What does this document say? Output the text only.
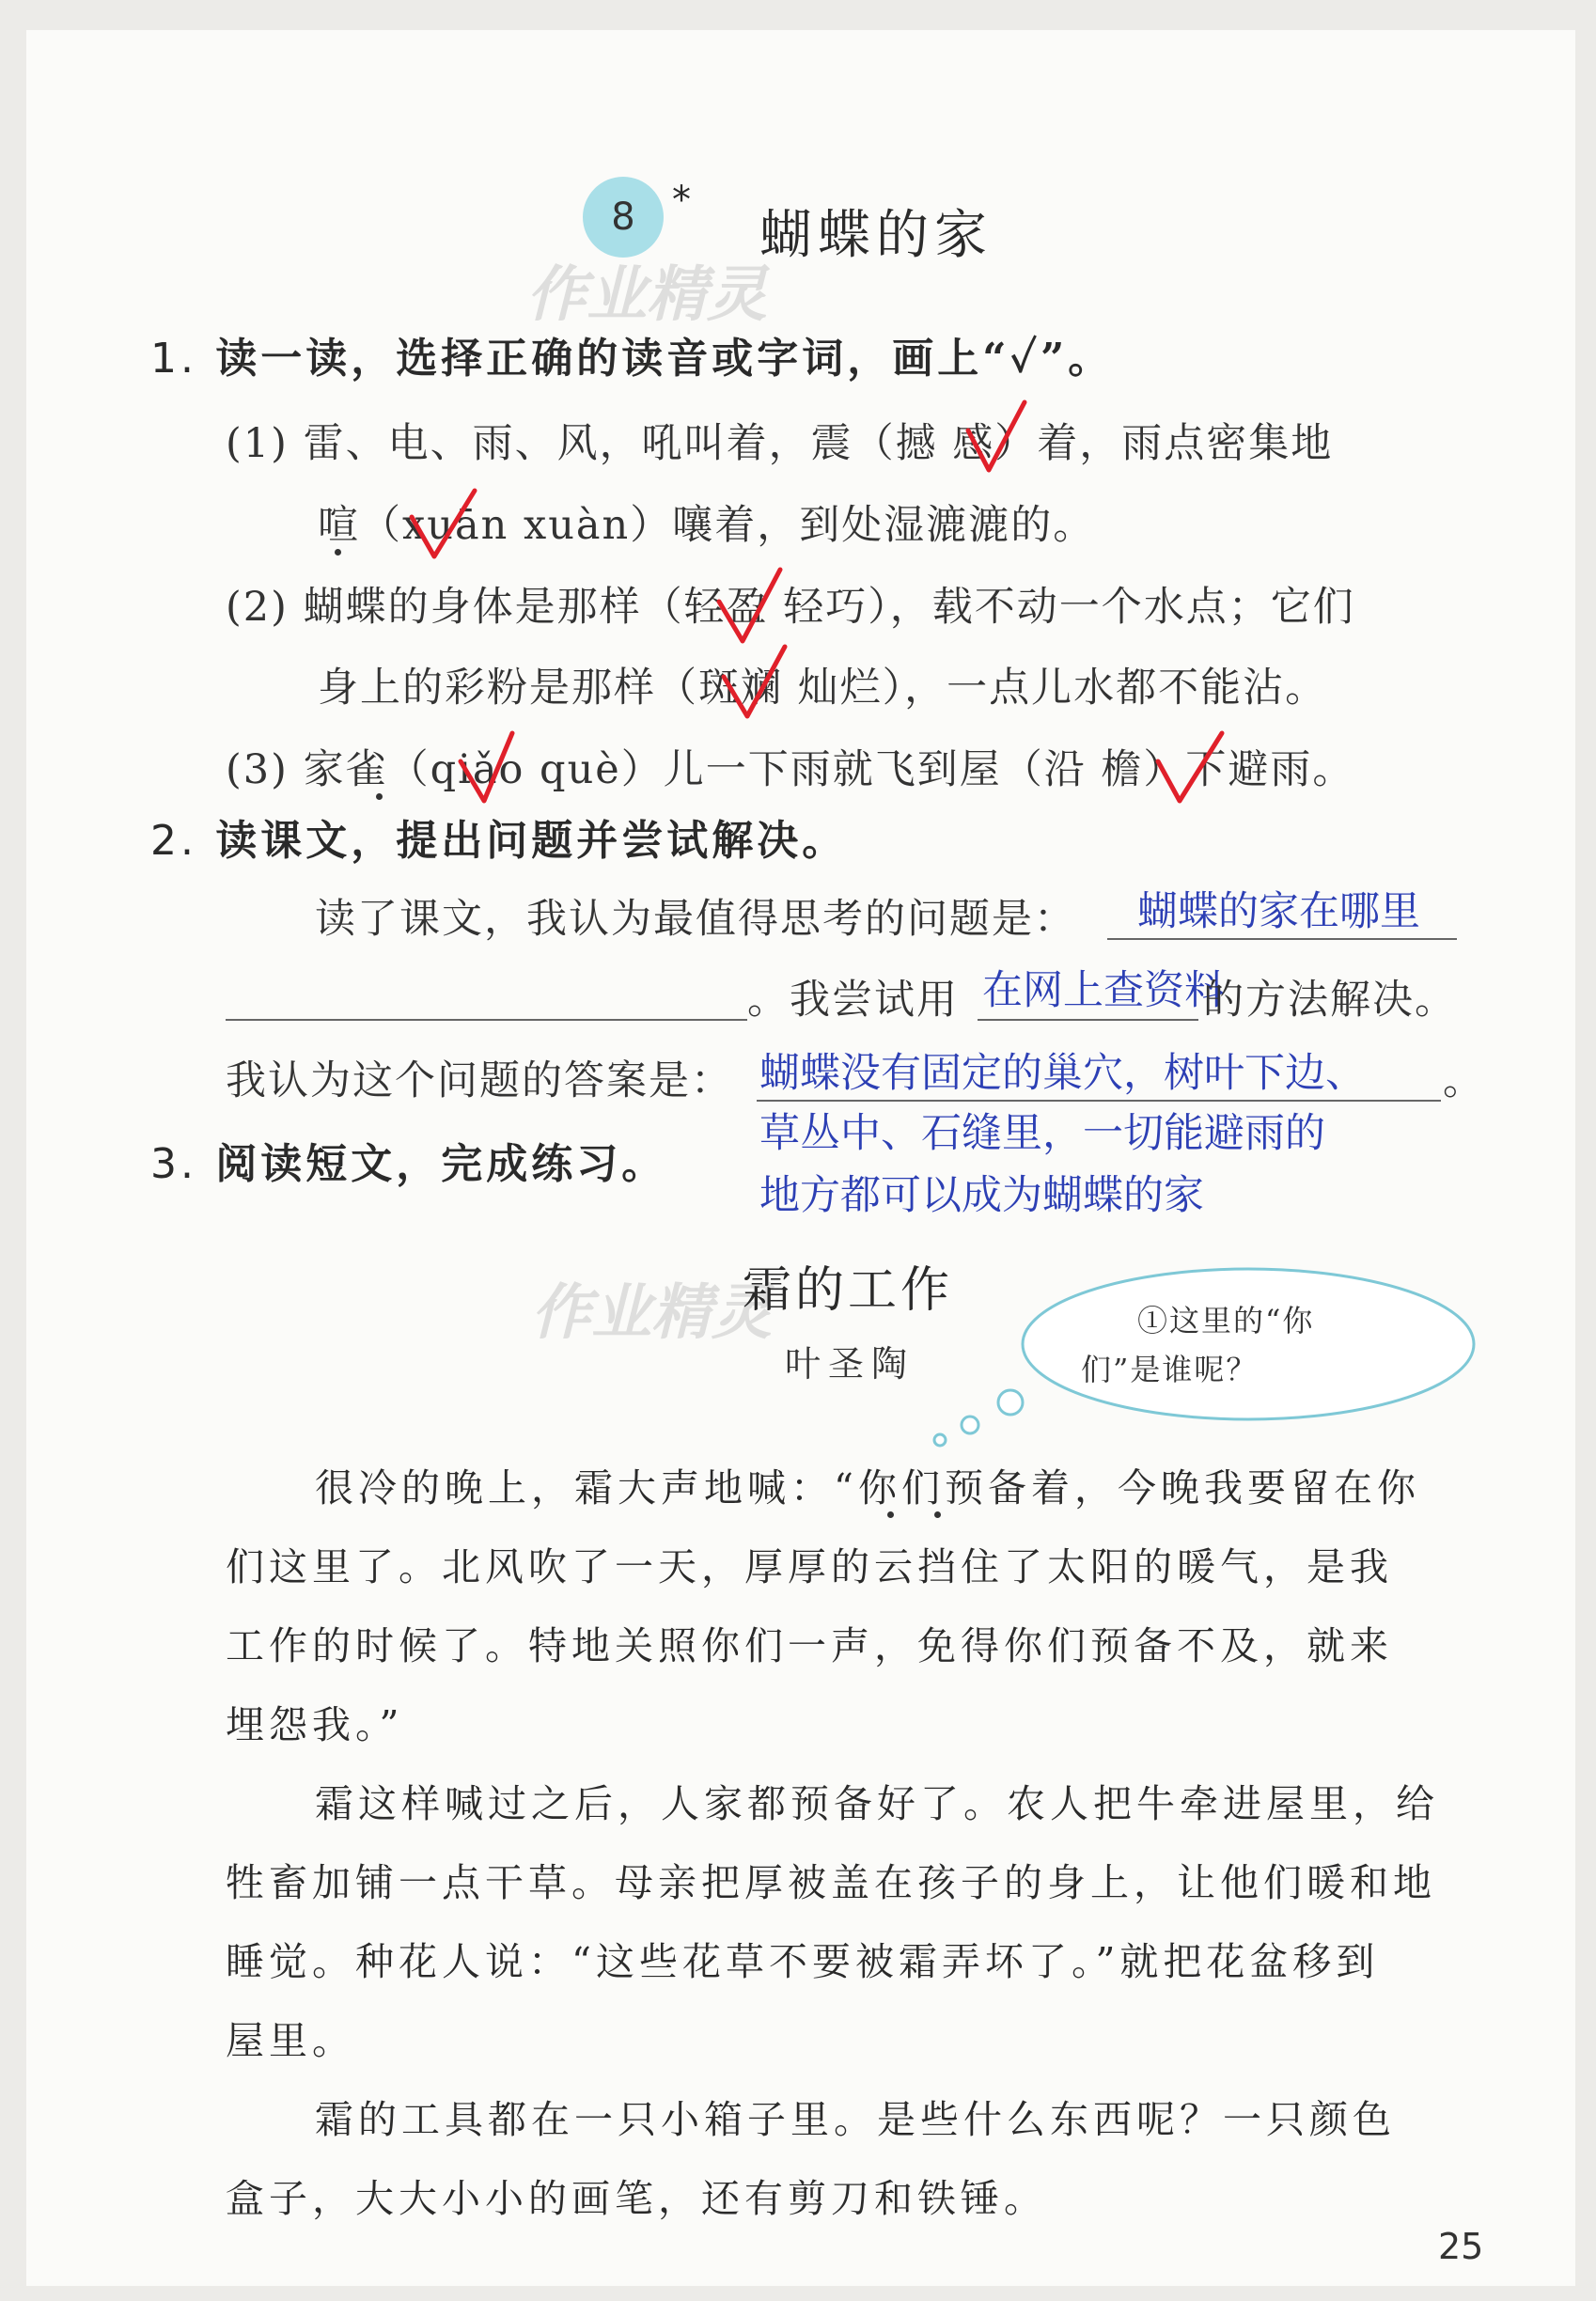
8 *
蝴蝶的家
作业精灵
1. 读一读，选择正确的读音或字词，画上“✓”。
(1) 雷、电、雨、风，吼叫着，震（撼 感）着，雨点密集地
喧（xuān xuàn）嚷着，到处湿漉漉的。
(2) 蝴蝶的身体是那样（轻盈 轻巧），载不动一个水点；它们
身上的彩粉是那样（斑斓 灿烂），一点儿水都不能沾。
(3) 家雀（qiǎo què）儿一下雨就飞到屋（沿 檐）下避雨。
2. 读课文，提出问题并尝试解决。
读了课文，我认为最值得思考的问题是： 蝴蝶的家在哪里
。我尝试用 在网上查资料
的方法解决。
我认为这个问题的答案是：	。
蝴蝶没有固定的巢穴，树叶下边、
草丛中、石缝里，一切能避雨的
地方都可以成为蝴蝶的家
3. 阅读短文，完成练习。
作业精灵
霜的工作
叶圣陶
①这里的“你
们”是谁呢？
很冷的晚上，霜大声地喊：“你们预备着，今晚我要留在你
们这里了。北风吹了一天，厚厚的云挡住了太阳的暖气，是我
工作的时候了。特地关照你们一声，免得你们预备不及，就来
埋怨我。”
霜这样喊过之后，人家都预备好了。农人把牛牵进屋里，给
牲畜加铺一点干草。母亲把厚被盖在孩子的身上，让他们暖和地
睡觉。种花人说：“这些花草不要被霜弄坏了。”就把花盆移到
屋里。
霜的工具都在一只小箱子里。是些什么东西呢？一只颜色
盒子，大大小小的画笔，还有剪刀和铁锤。
25
